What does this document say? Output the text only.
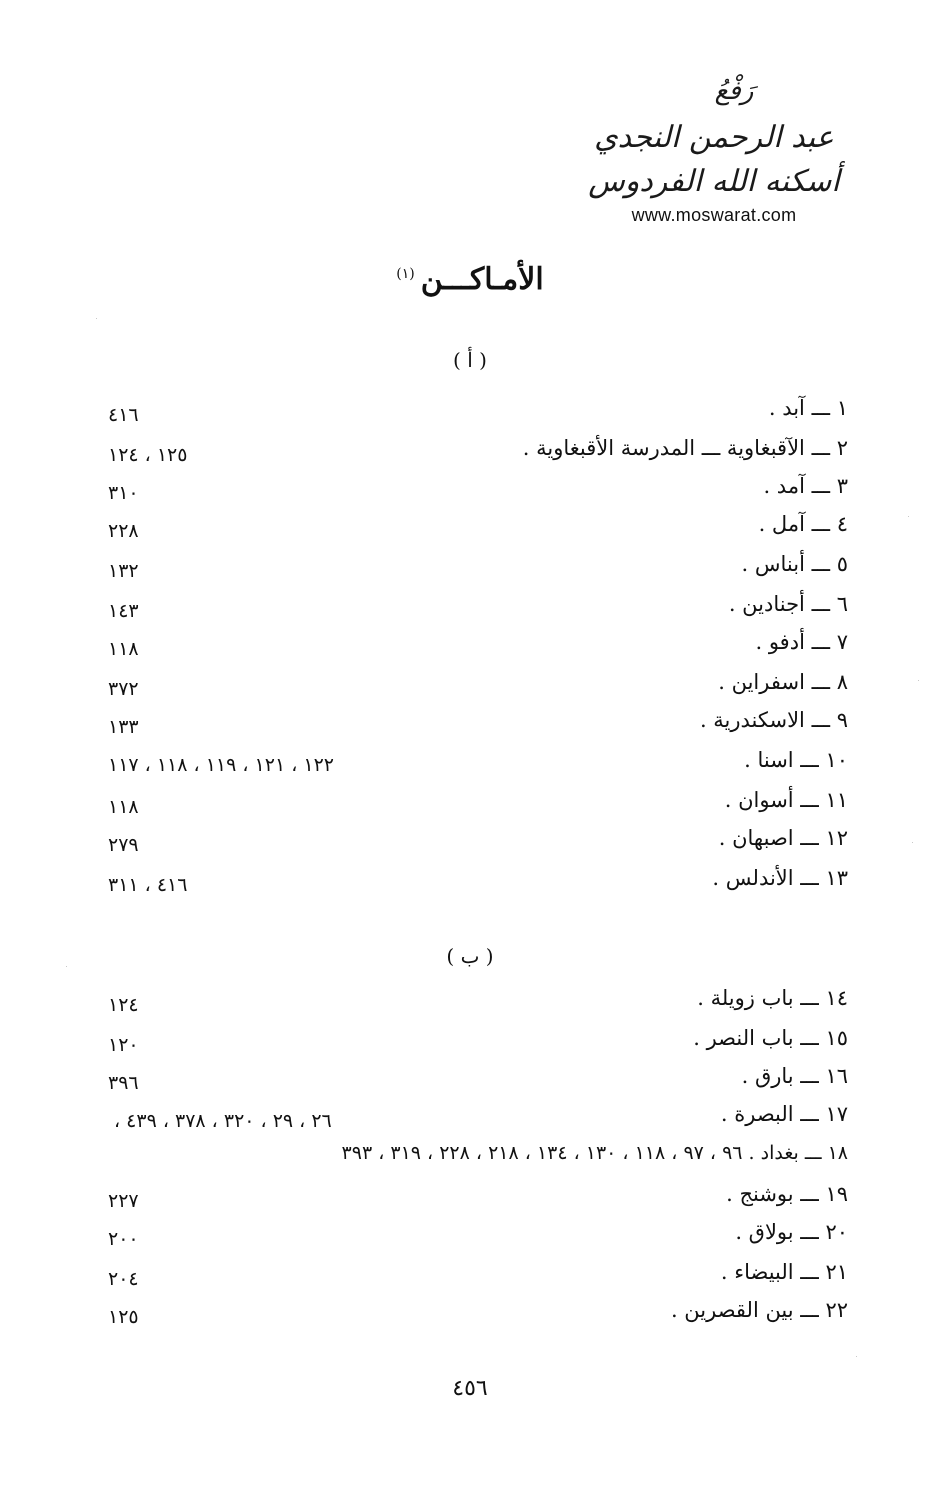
رَفْعُ
عبد الرحمن النجدي
أسكنه الله الفردوس
www.moswarat.com
الأمـاكـــن$^{(١)}$
( أ )
١ ـــ آبد .
٤١٦
٢ ـــ الآقبغاوية ـــ المدرسة الأقبغاوية .
١٢٥ ، ١٢٤
٣ ـــ آمد .
٣١٠
٤ ـــ آمل .
٢٢٨
٥ ـــ أبناس .
١٣٢
٦ ـــ أجنادين .
١٤٣
٧ ـــ أدفو .
١١٨
٨ ـــ اسفراين .
٣٧٢
٩ ـــ الاسكندرية .
١٣٣
١٠ ـــ اسنا .
١٢٢ ، ١٢١ ، ١١٩ ، ١١٨ ، ١١٧
١١ ـــ أسوان .
١١٨
١٢ ـــ اصبهان .
٢٧٩
١٣ ـــ الأندلس .
٤١٦ ، ٣١١
( ب )
١٤ ـــ باب زويلة .
١٢٤
١٥ ـــ باب النصر .
١٢٠
١٦ ـــ بارق .
٣٩٦
١٧ ـــ البصرة .
٢٦ ، ٢٩ ، ٣٢٠ ، ٣٧٨ ، ٤٣٩ ،
١٨ ـــ بغداد . ٩٦ ، ٩٧ ، ١١٨ ، ١٣٠ ، ١٣٤ ، ٢١٨ ، ٢٢٨ ، ٣١٩ ، ٣٩٣
١٩ ـــ بوشنج .
٢٢٧
٢٠ ـــ بولاق .
٢٠٠
٢١ ـــ البيضاء .
٢٠٤
٢٢ ـــ بين القصرين .
١٢٥
٤٥٦
